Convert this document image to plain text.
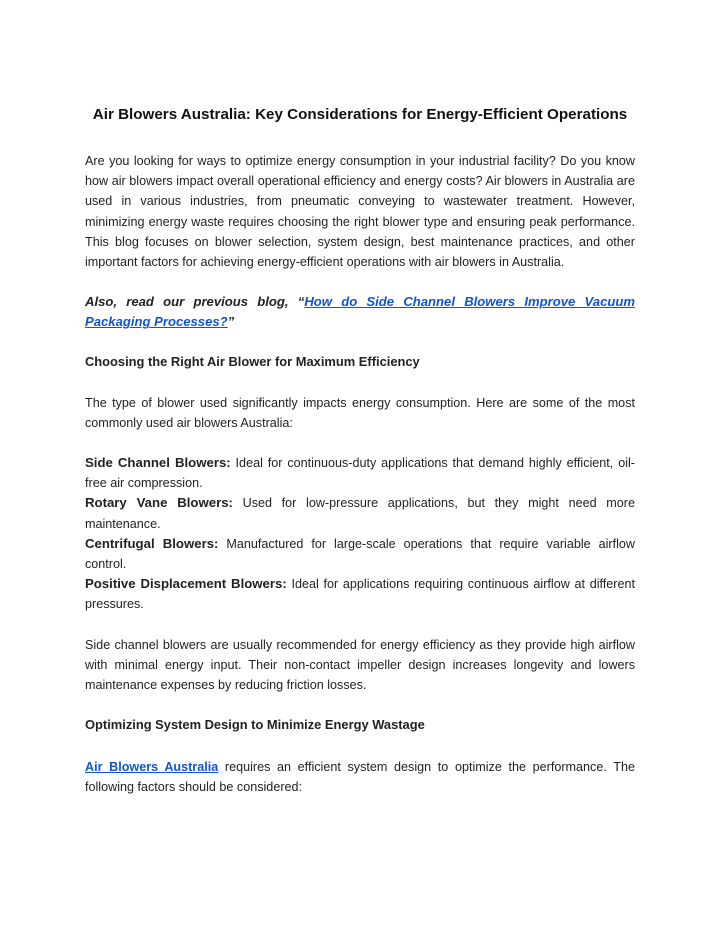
Air Blowers Australia: Key Considerations for Energy-Efficient Operations

Are you looking for ways to optimize energy consumption in your industrial facility? Do you know how air blowers impact overall operational efficiency and energy costs? Air blowers in Australia are used in various industries, from pneumatic conveying to wastewater treatment. However, minimizing energy waste requires choosing the right blower type and ensuring peak performance. This blog focuses on blower selection, system design, best maintenance practices, and other important factors for achieving energy-efficient operations with air blowers in Australia.

Also, read our previous blog, “How do Side Channel Blowers Improve Vacuum Packaging Processes?”

Choosing the Right Air Blower for Maximum Efficiency

The type of blower used significantly impacts energy consumption. Here are some of the most commonly used air blowers Australia:

Side Channel Blowers: Ideal for continuous-duty applications that demand highly efficient, oil-free air compression.

Rotary Vane Blowers: Used for low-pressure applications, but they might need more maintenance.

Centrifugal Blowers: Manufactured for large-scale operations that require variable airflow control.

Positive Displacement Blowers: Ideal for applications requiring continuous airflow at different pressures.

Side channel blowers are usually recommended for energy efficiency as they provide high airflow with minimal energy input. Their non-contact impeller design increases longevity and lowers maintenance expenses by reducing friction losses.

Optimizing System Design to Minimize Energy Wastage

Air Blowers Australia requires an efficient system design to optimize the performance. The following factors should be considered:
